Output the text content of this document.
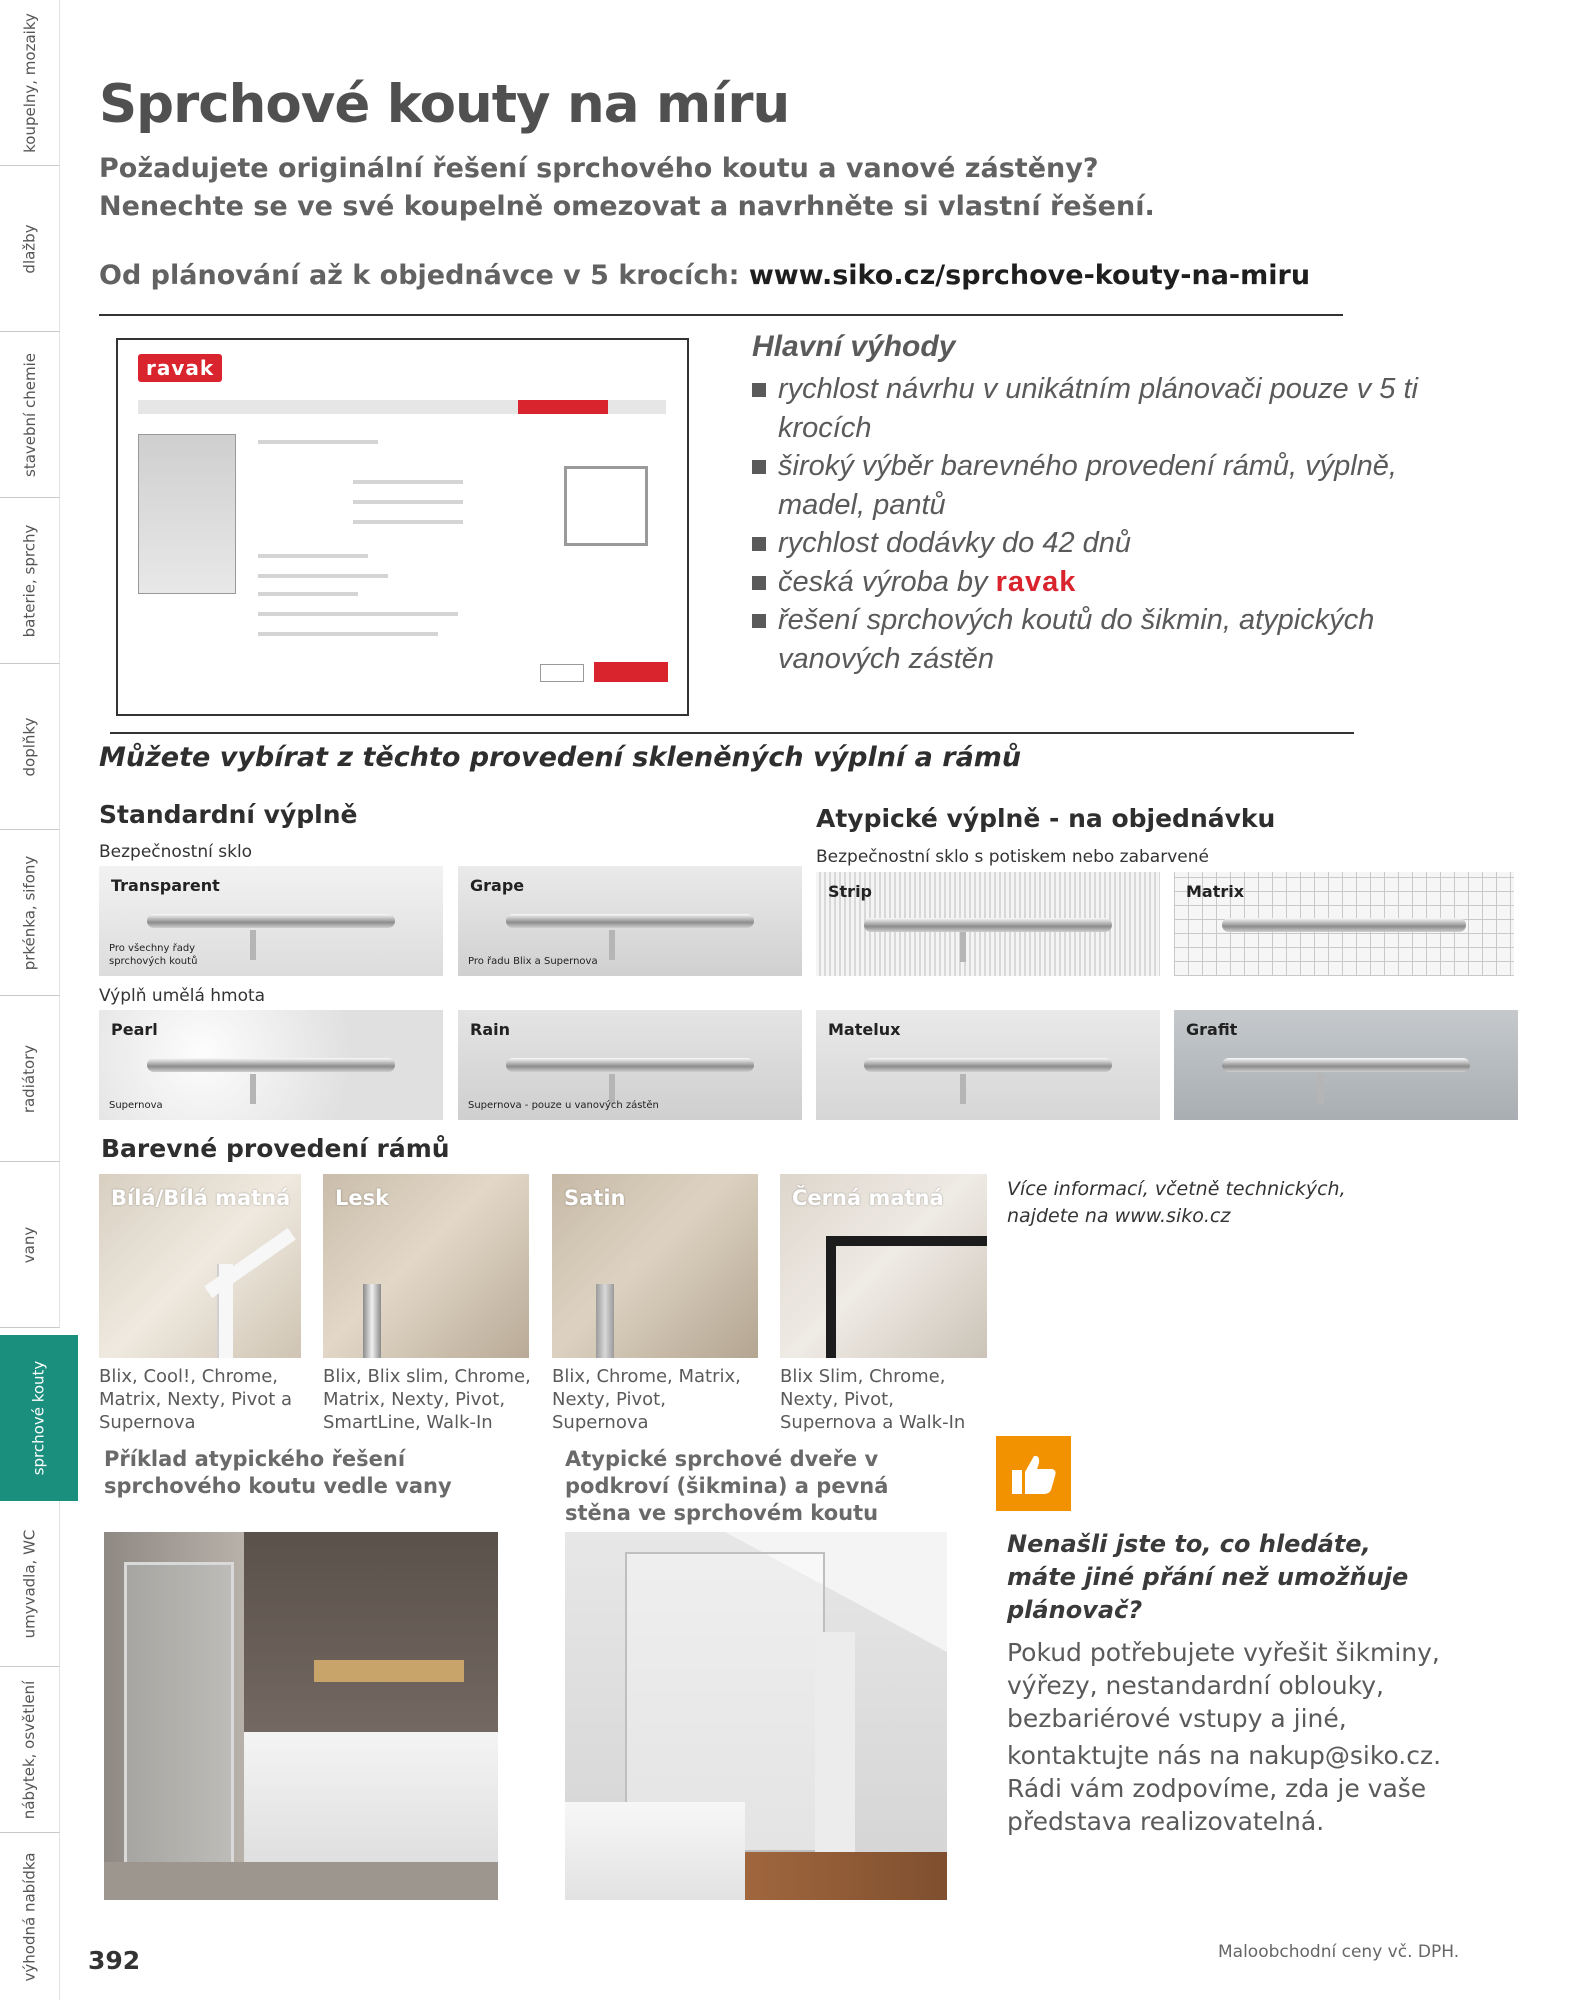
koupelny, mozaiky
dlažby
stavební chemie
baterie, sprchy
doplňky
prkénka, sifony
radiátory
vany
sprchové kouty
umyvadla, WC
nábytek, osvětlení
výhodná nabídka
Sprchové kouty na míru
Požadujete originální řešení sprchového koutu a vanové zástěny?
Nenechte se ve své koupelně omezovat a navrhněte si vlastní řešení.
Od plánování až k objednávce v 5 krocích: www.siko.cz/sprchove-kouty-na-miru
ravak
Hlavní výhody
rychlost návrhu v unikátním plánovači pouze v 5 ti krocích
široký výběr barevného provedení rámů, výplně, madel, pantů
rychlost dodávky do 42 dnů
česká výroba by ravak
řešení sprchových koutů do šikmin, atypických vanových zástěn
Můžete vybírat z těchto provedení skleněných výplní a rámů
Standardní výplně
Bezpečnostní sklo
Atypické výplně - na objednávku
Bezpečnostní sklo s potiskem nebo zabarvené
Transparent
Pro všechny řady sprchových koutů
Grape
Pro řadu Blix a Supernova
Strip	Matrix
Výplň umělá hmota
Pearl
Supernova
Rain
Supernova - pouze u vanových zástěn
Matelux	Grafit
Barevné provedení rámů
Bílá/Bílá matná Lesk	Satin	Černá matná
Blix, Cool!, Chrome, Matrix, Nexty, Pivot a Supernova
Blix, Blix slim, Chrome, Matrix, Nexty, Pivot, SmartLine, Walk-In
Blix, Chrome, Matrix, Nexty, Pivot, Supernova
Blix Slim, Chrome, Nexty, Pivot, Supernova a Walk-In
Více informací, včetně technických, najdete na www.siko.cz
Příklad atypického řešení sprchového koutu vedle vany
Atypické sprchové dveře v podkroví (šikmina) a pevná stěna ve sprchovém koutu
Nenašli jste to, co hledáte, máte jiné přání než umožňuje plánovač?
Pokud potřebujete vyřešit šikminy, výřezy, nestandardní oblouky, bezbariérové vstupy a jiné,
kontaktujte nás na nakup@siko.cz. Rádi vám zodpovíme, zda je vaše představa realizovatelná.
392	Maloobchodní ceny vč. DPH.
